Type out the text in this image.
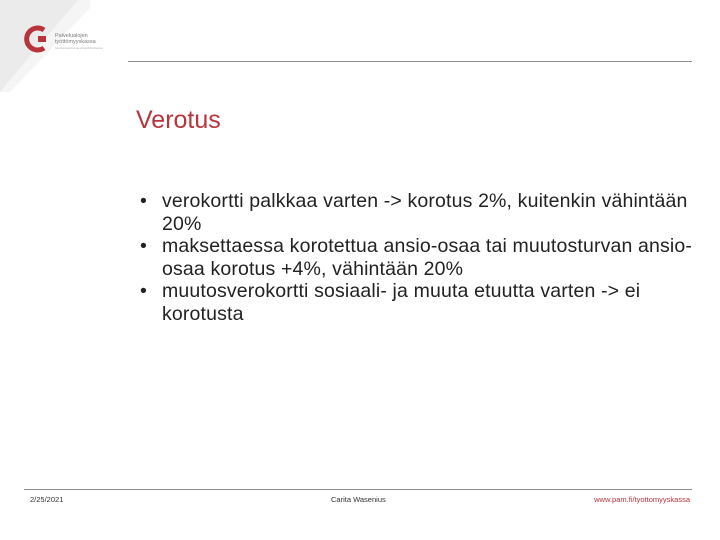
Palvelualojen
työttömyyskassa
Servicebranschernas arbetslöshetskassa
Verotus
• verokortti palkkaa varten -> korotus 2%, kuitenkin vähintään 20%
• maksettaessa korotettua ansio-osaa tai muutosturvan ansio-osaa korotus +4%, vähintään 20%
• muutosverokortti sosiaali- ja muuta etuutta varten -> ei korotusta
2/25/2021	Carita Wasenius	www.pam.fi/tyottomyyskassa
